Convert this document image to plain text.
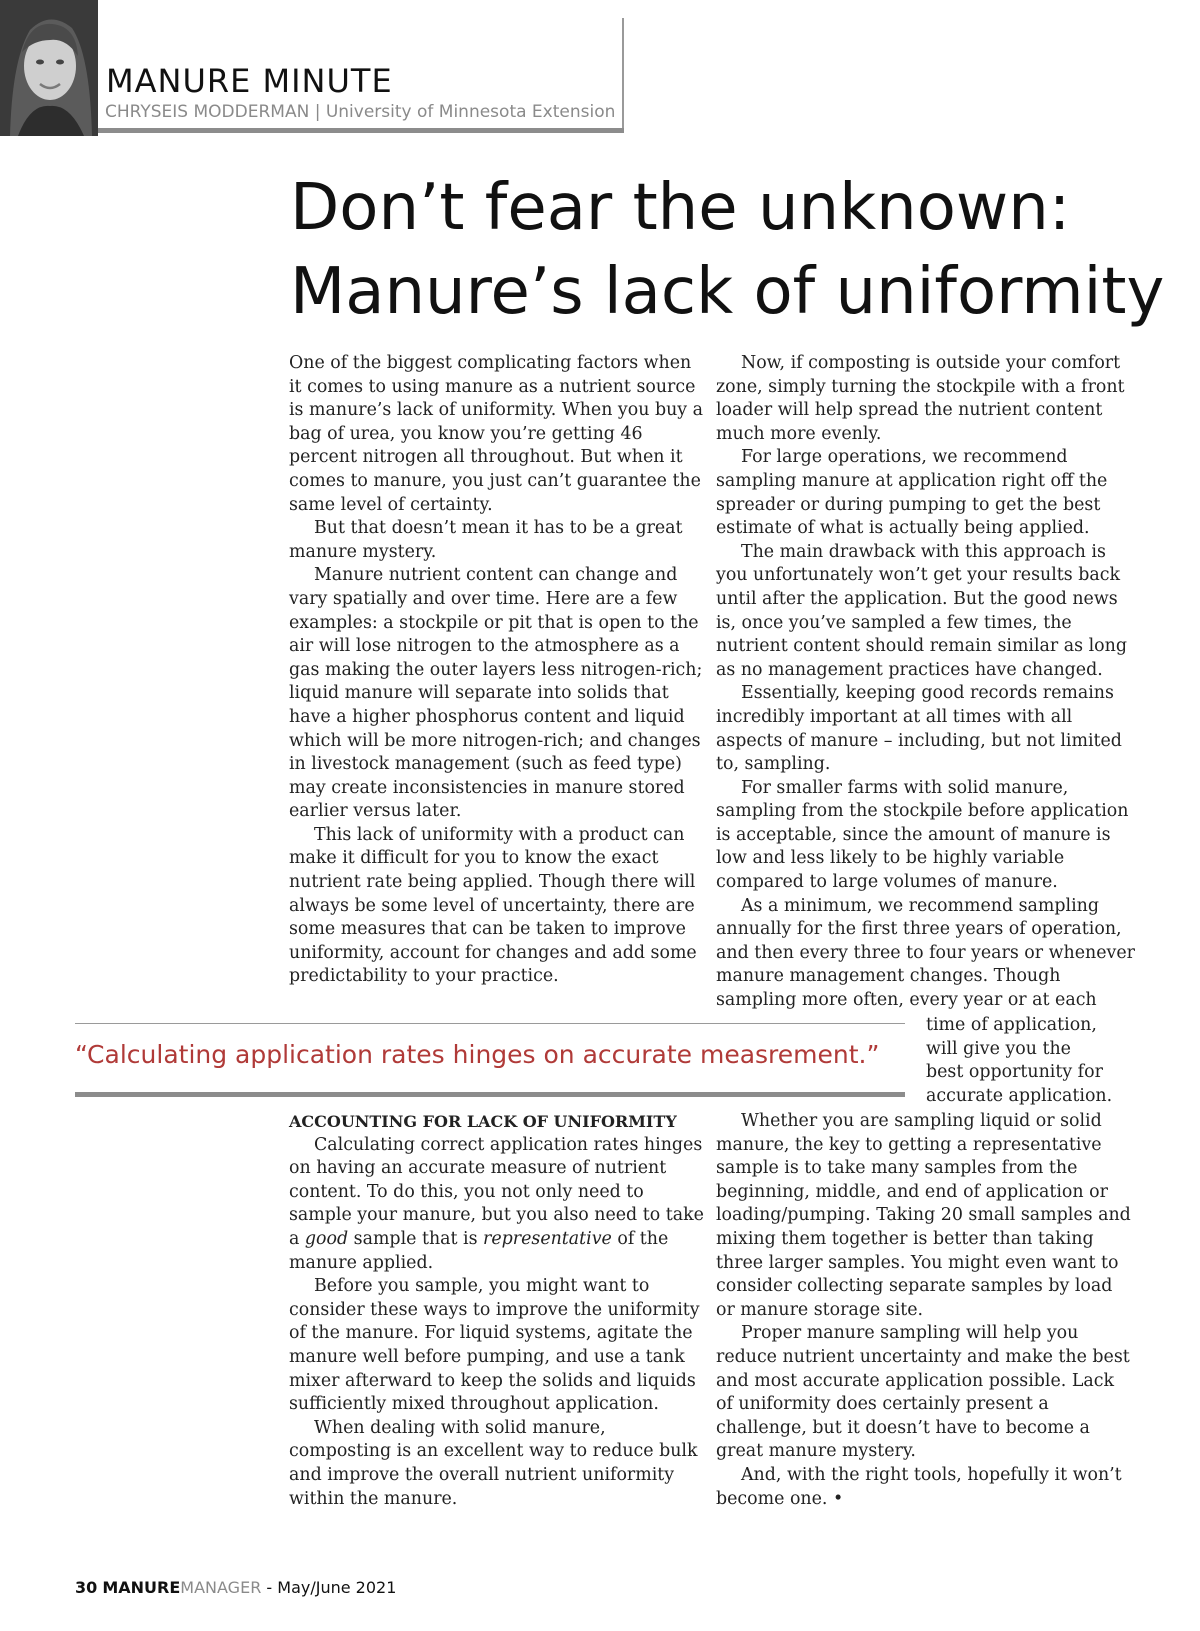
MANURE MINUTE

CHRYSEIS MODDERMAN | University of Minnesota Extension

Don’t fear the unknown:
Manure’s lack of uniformity

One of the biggest complicating factors when it comes to using manure as a nutrient source is manure’s lack of uniformity. When you buy a bag of urea, you know you’re getting 46 percent nitrogen all throughout. But when it comes to manure, you just can’t guarantee the same level of certainty.

But that doesn’t mean it has to be a great manure mystery.

Manure nutrient content can change and vary spatially and over time. Here are a few examples: a stockpile or pit that is open to the air will lose nitrogen to the atmosphere as a gas making the outer layers less nitrogen-rich; liquid manure will separate into solids that have a higher phosphorus content and liquid which will be more nitrogen-rich; and changes in livestock management (such as feed type) may create inconsistencies in manure stored earlier versus later.

This lack of uniformity with a product can make it difficult for you to know the exact nutrient rate being applied. Though there will always be some level of uncertainty, there are some measures that can be taken to improve uniformity, account for changes and add some predictability to your practice.

Now, if composting is outside your comfort zone, simply turning the stockpile with a front loader will help spread the nutrient content much more evenly.

For large operations, we recommend sampling manure at application right off the spreader or during pumping to get the best estimate of what is actually being applied.

The main drawback with this approach is you unfortunately won’t get your results back until after the application. But the good news is, once you’ve sampled a few times, the nutrient content should remain similar as long as no management practices have changed.

Essentially, keeping good records remains incredibly important at all times with all aspects of manure – including, but not limited to, sampling.

For smaller farms with solid manure, sampling from the stockpile before application is acceptable, since the amount of manure is low and less likely to be highly variable compared to large volumes of manure.

As a minimum, we recommend sampling annually for the first three years of operation, and then every three to four years or whenever manure management changes. Though sampling more often, every year or at each

time of application,
will give you the
best opportunity for
accurate application.

“Calculating application rates hinges on accurate measrement.”

ACCOUNTING FOR LACK OF UNIFORMITY

Calculating correct application rates hinges on having an accurate measure of nutrient content. To do this, you not only need to sample your manure, but you also need to take a good sample that is representative of the manure applied.

Before you sample, you might want to consider these ways to improve the uniformity of the manure. For liquid systems, agitate the manure well before pumping, and use a tank mixer afterward to keep the solids and liquids sufficiently mixed throughout application.

When dealing with solid manure, composting is an excellent way to reduce bulk and improve the overall nutrient uniformity within the manure.

Whether you are sampling liquid or solid manure, the key to getting a representative sample is to take many samples from the beginning, middle, and end of application or loading/pumping. Taking 20 small samples and mixing them together is better than taking three larger samples. You might even want to consider collecting separate samples by load or manure storage site.

Proper manure sampling will help you reduce nutrient uncertainty and make the best and most accurate application possible. Lack of uniformity does certainly present a challenge, but it doesn’t have to become a great manure mystery.

And, with the right tools, hopefully it won’t become one. •

30 MANUREMANAGER - May/June 2021
